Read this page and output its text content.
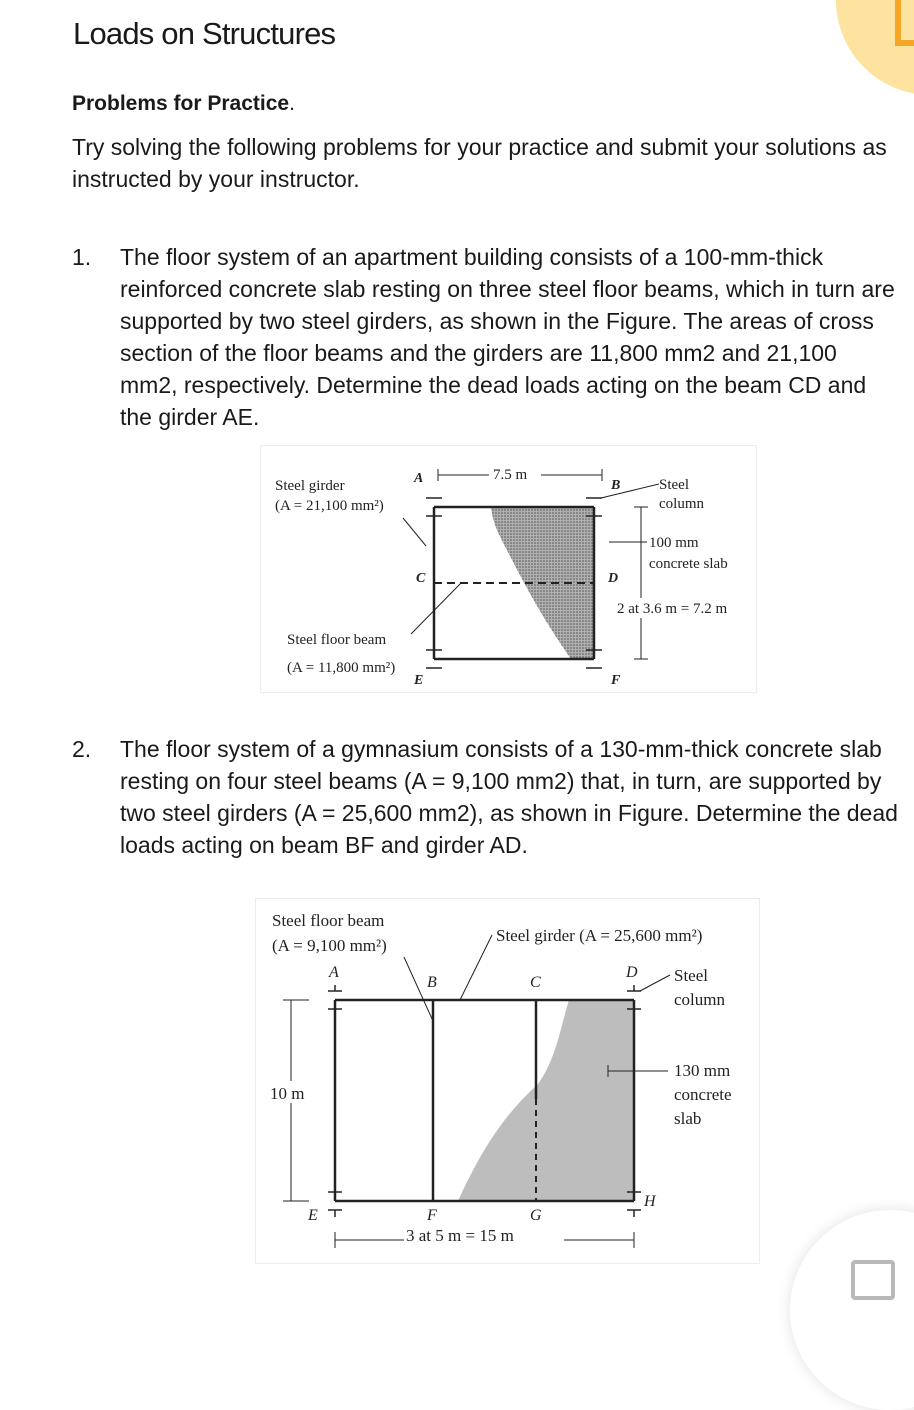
Loads on Structures
Problems for Practice.

Try solving the following problems for your practice and submit your solutions as instructed by your instructor.

1. The floor system of an apartment building consists of a 100-mm-thick reinforced concrete slab resting on three steel floor beams, which in turn are supported by two steel girders, as shown in the Figure. The areas of cross section of the floor beams and the girders are 11,800 mm2 and 21,100 mm2, respectively. Determine the dead loads acting on the beam CD and the girder AE.

7.5 m
2 at 3.6 m = 7.2 m
Steel girder
(A = 21,100 mm²)
Steel floor beam
(A = 11,800 mm²)
Steel
column
100 mm
concrete slab
A	B
C	D
E	F
2. The floor system of a gymnasium consists of a 130-mm-thick concrete slab resting on four steel beams (A = 9,100 mm2) that, in turn, are supported by two steel girders (A = 25,600 mm2), as shown in Figure. Determine the dead loads acting on beam BF and girder AD.

10 m
3 at 5 m = 15 m
Steel floor beam
(A = 9,100 mm²)
Steel girder (A = 25,600 mm²)
Steel
column
130 mm
concrete
slab
A
B	C
D
E	F	G
H
